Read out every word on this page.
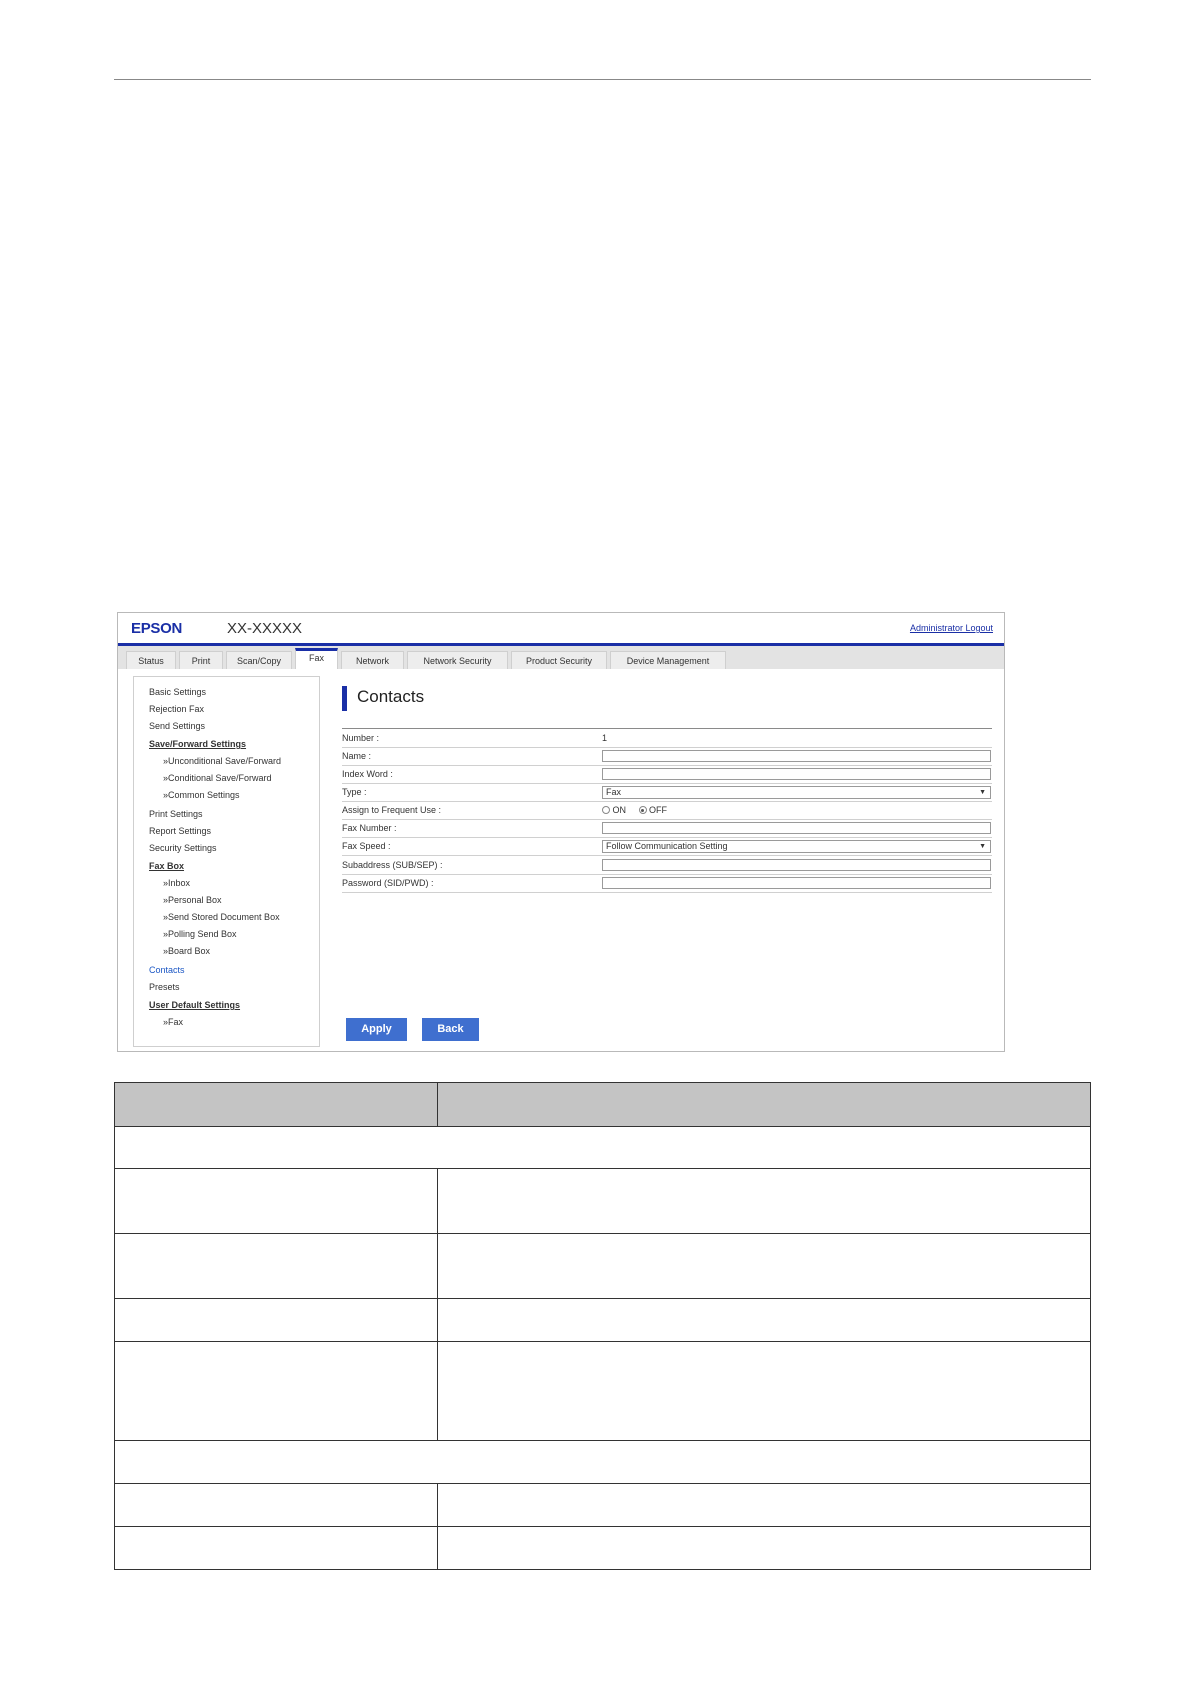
EPSON	XX-XXXXX	Administrator Logout
Status	Print	Scan/Copy	Fax	Network	Network Security	Product Security	Device Management
Basic Settings
Rejection Fax
Send Settings
Save/Forward Settings
»Unconditional Save/Forward
»Conditional Save/Forward
»Common Settings
Print Settings
Report Settings
Security Settings
Fax Box
»Inbox
»Personal Box
»Send Stored Document Box
»Polling Send Box
»Board Box
Contacts
Presets
User Default Settings
»Fax
Contacts
Number :	1
Name :
Index Word :
Type :	Fax	▼
Assign to Frequent Use :	ON	OFF
Fax Number :
Fax Speed :	Follow Communication Setting	▼
Subaddress (SUB/SEP) :
Password (SID/PWD) :
Apply	Back
